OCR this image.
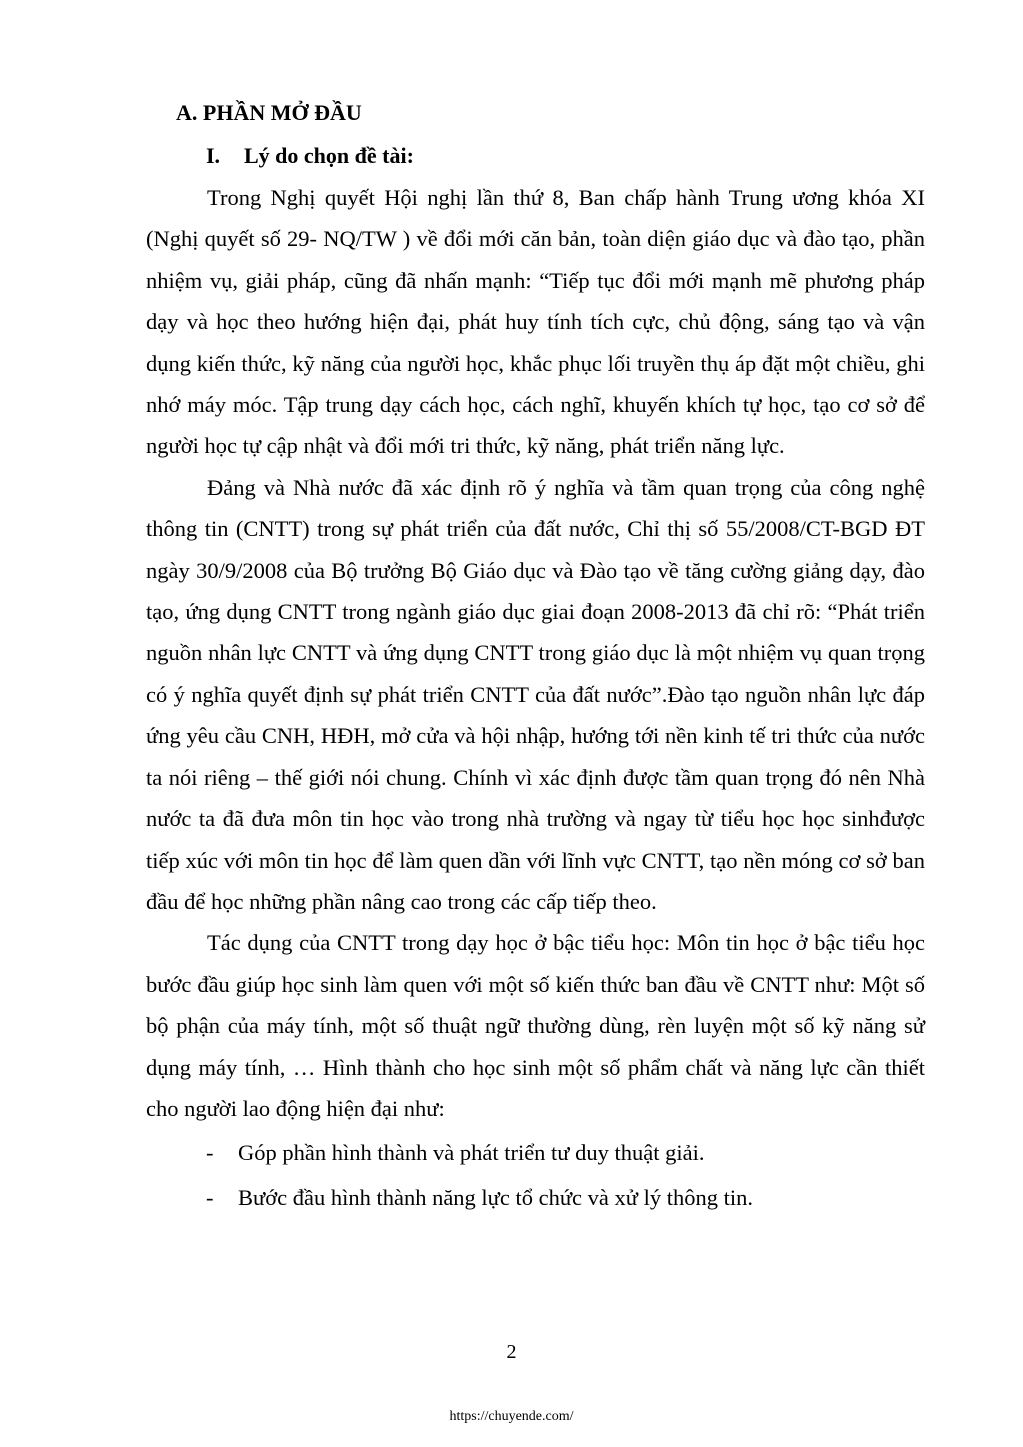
A. PHẦN MỞ ĐẦU

I.	Lý do chọn đề tài:

Trong Nghị quyết Hội nghị lần thứ 8, Ban chấp hành Trung ương khóa XI (Nghị quyết số 29- NQ/TW ) về đổi mới căn bản, toàn diện giáo dục và đào tạo, phần nhiệm vụ, giải pháp, cũng đã nhấn mạnh: “Tiếp tục đổi mới mạnh mẽ phương pháp dạy và học theo hướng hiện đại, phát huy tính tích cực, chủ động, sáng tạo và vận dụng kiến thức, kỹ năng của người học, khắc phục lối truyền thụ áp đặt một chiều, ghi nhớ máy móc. Tập trung dạy cách học, cách nghĩ, khuyến khích tự học, tạo cơ sở để người học tự cập nhật và đổi mới tri thức, kỹ năng, phát triển năng lực.

Đảng và Nhà nước đã xác định rõ ý nghĩa và tầm quan trọng của công nghệ thông tin (CNTT) trong sự phát triển của đất nước, Chỉ thị số 55/2008/CT-BGD ĐT ngày 30/9/2008 của Bộ trưởng Bộ Giáo dục và Đào tạo về tăng cường giảng dạy, đào tạo, ứng dụng CNTT trong ngành giáo dục giai đoạn 2008-2013 đã chỉ rõ: “Phát triển nguồn nhân lực CNTT và ứng dụng CNTT trong giáo dục là một nhiệm vụ quan trọng có ý nghĩa quyết định sự phát triển CNTT của đất nước”.Đào tạo nguồn nhân lực đáp ứng yêu cầu CNH, HĐH, mở cửa và hội nhập, hướng tới nền kinh tế tri thức của nước ta nói riêng – thế giới nói chung. Chính vì xác định được tầm quan trọng đó nên Nhà nước ta đã đưa môn tin học vào trong nhà trường và ngay từ tiểu học học sinhđược tiếp xúc với môn tin học để làm quen dần với lĩnh vực CNTT, tạo nền móng cơ sở ban đầu để học những phần nâng cao trong các cấp tiếp theo.

Tác dụng của CNTT trong dạy học ở bậc tiểu học: Môn tin học ở bậc tiểu học bước đầu giúp học sinh làm quen với một số kiến thức ban đầu về CNTT như: Một số bộ phận của máy tính, một số thuật ngữ thường dùng, rèn luyện một số kỹ năng sử dụng máy tính, … Hình thành cho học sinh một số phẩm chất và năng lực cần thiết cho người lao động hiện đại như:

-	Góp phần hình thành và phát triển tư duy thuật giải.
-	Bước đầu hình thành năng lực tổ chức và xử lý thông tin.
2
https://chuyende.com/
